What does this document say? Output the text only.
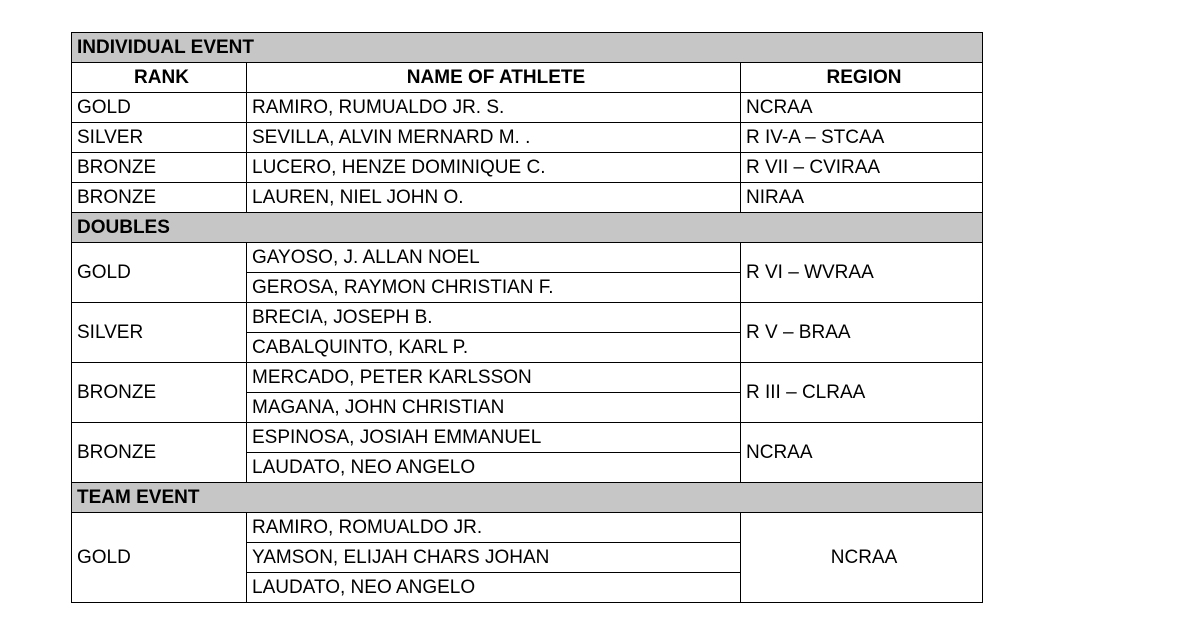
INDIVIDUAL EVENT		
RANK	NAME OF ATHLETE	REGION
GOLD	RAMIRO, RUMUALDO JR. S.	NCRAA
SILVER	SEVILLA, ALVIN MERNARD M. .	R IV-A – STCAA
BRONZE	LUCERO, HENZE DOMINIQUE C.	R VII – CVIRAA
BRONZE	LAUREN, NIEL JOHN O.	NIRAA
DOUBLES		
GOLD	GAYOSO, J. ALLAN NOEL	R VI – WVRAA
	GEROSA, RAYMON CHRISTIAN F.	
SILVER	BRECIA, JOSEPH B.	R V – BRAA
	CABALQUINTO, KARL P.	
BRONZE	MERCADO, PETER KARLSSON	R III – CLRAA
	MAGANA, JOHN CHRISTIAN	
BRONZE	ESPINOSA, JOSIAH EMMANUEL	NCRAA
	LAUDATO, NEO ANGELO	
TEAM EVENT		
GOLD	RAMIRO, ROMUALDO JR.	NCRAA
	YAMSON, ELIJAH CHARS JOHAN	
	LAUDATO, NEO ANGELO	
